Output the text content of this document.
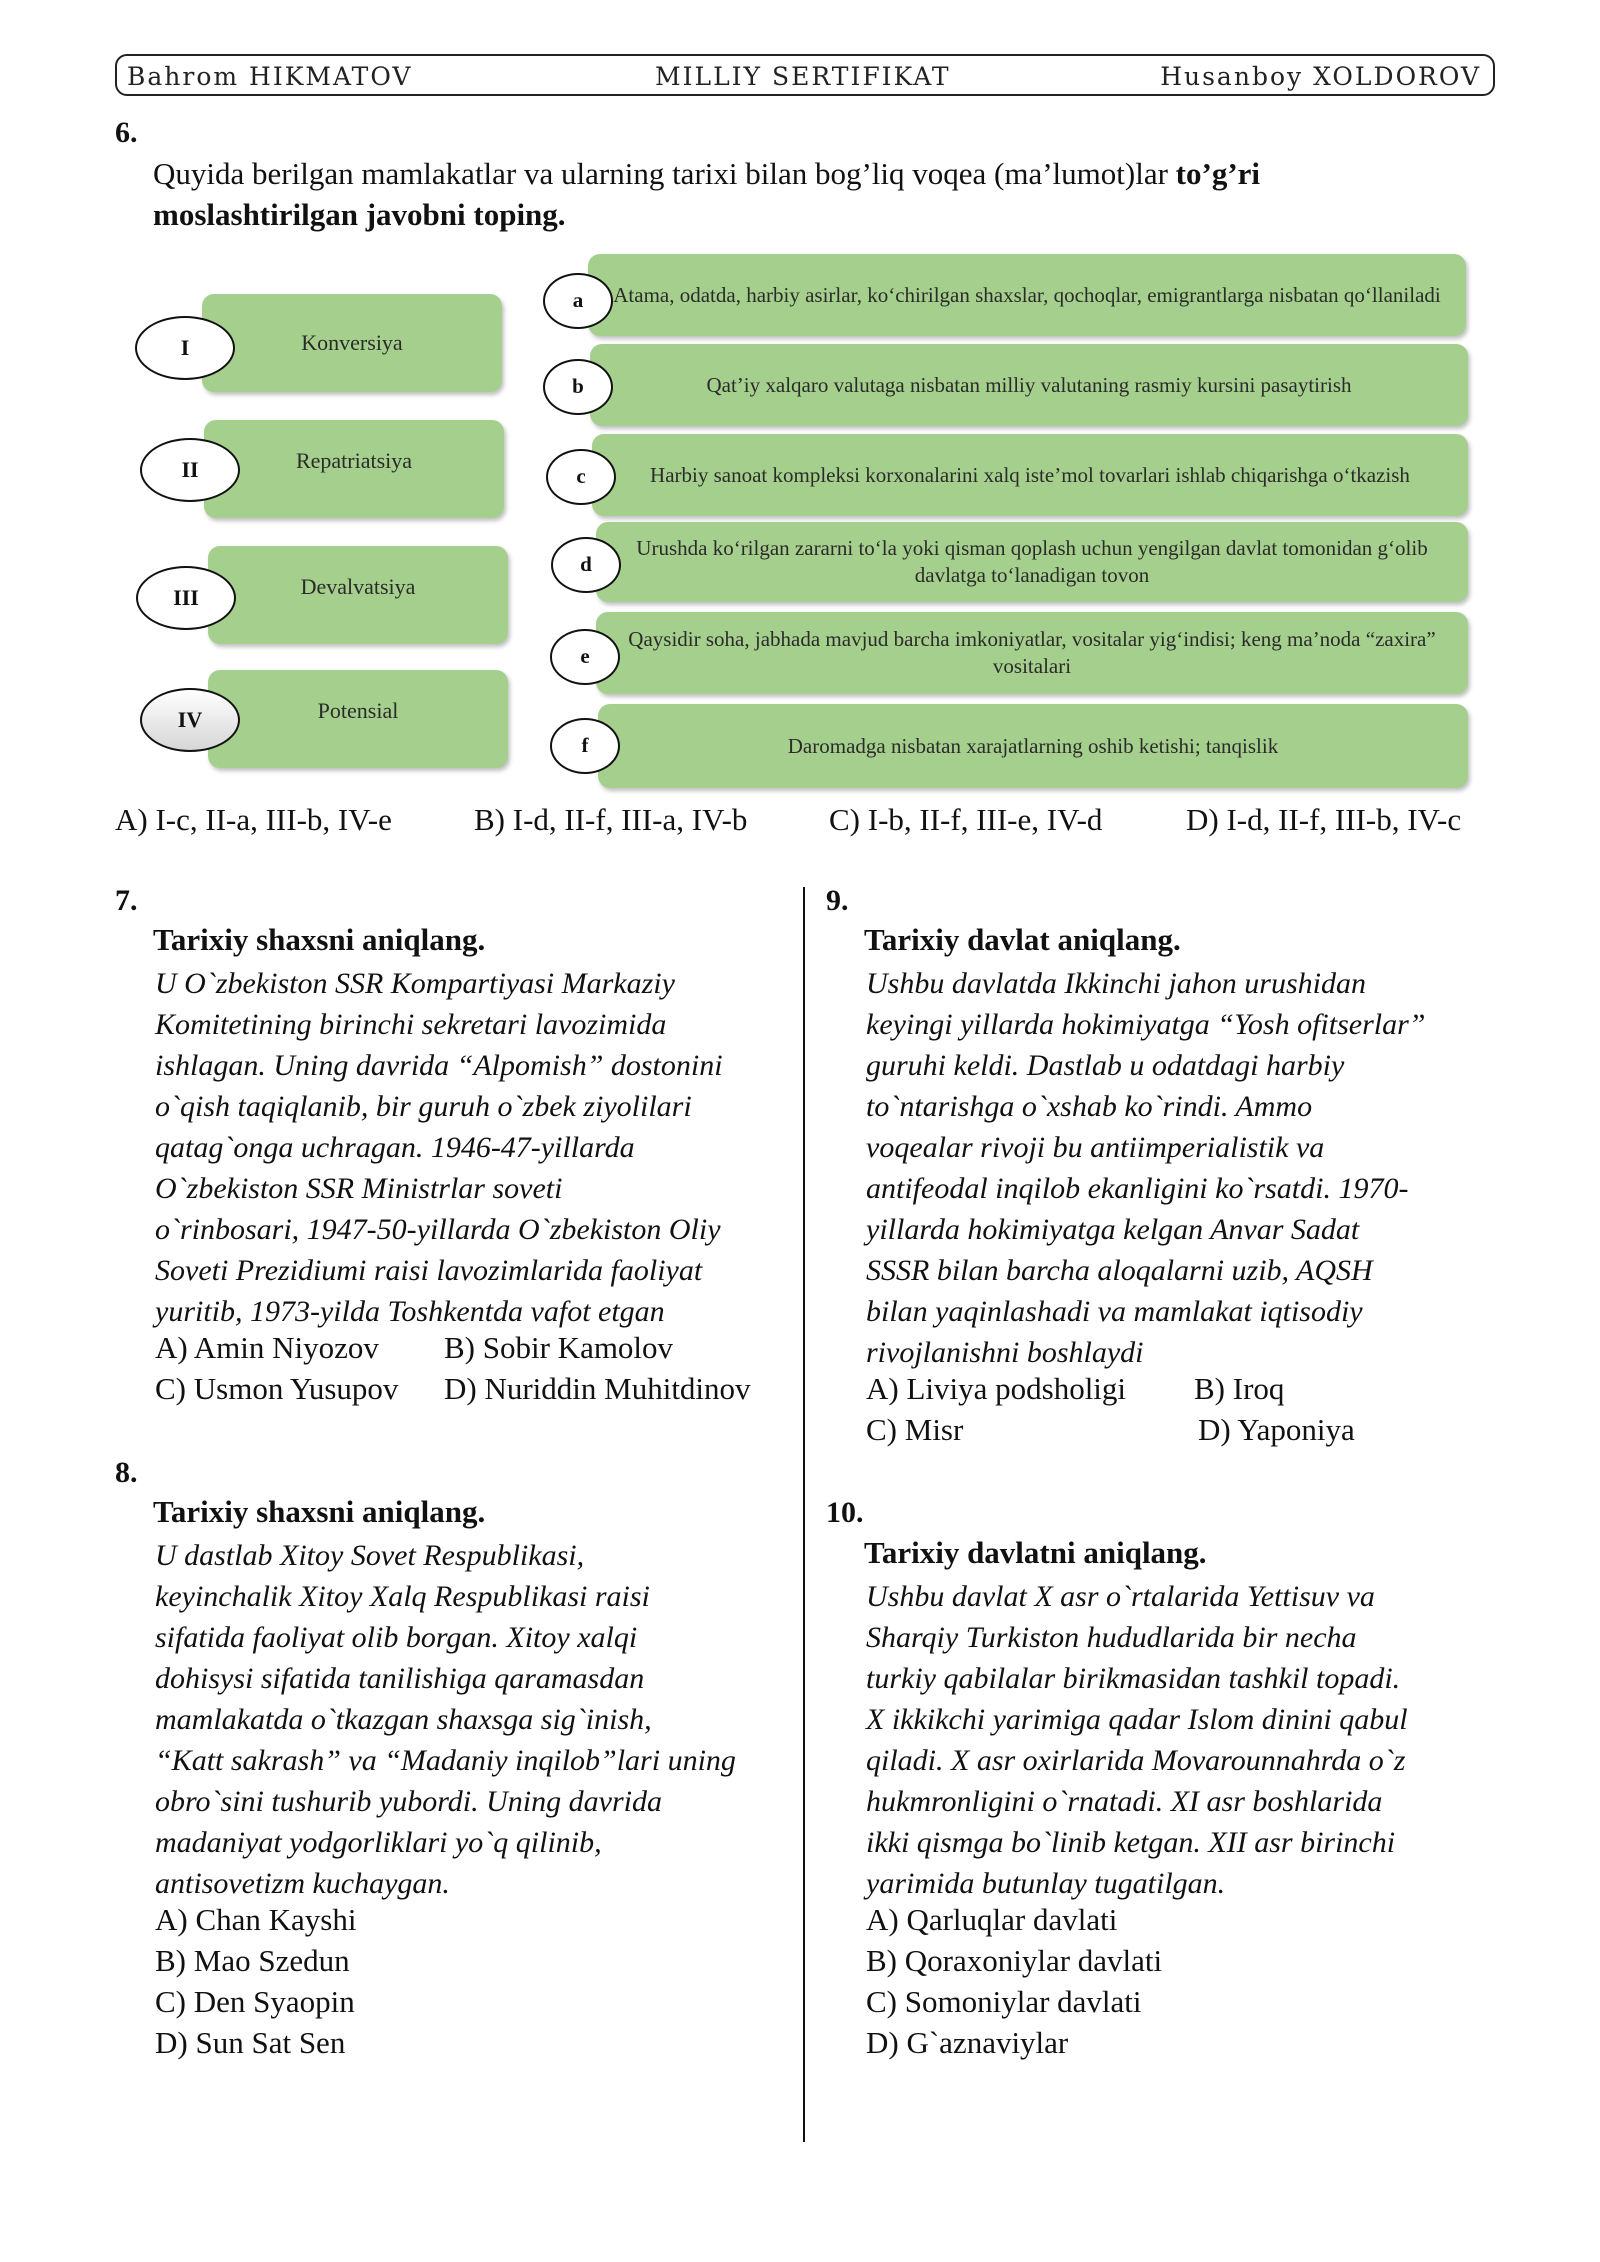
Bahrom HIKMATOV	MILLIY SERTIFIKAT	Husanboy XOLDOROV
6.
Quyida berilgan mamlakatlar va ularning tarixi bilan bog’liq voqea (ma’lumot)lar to’g’ri
moslashtirilgan javobni toping.
Konversiya
I
Repatriatsiya
II
Devalvatsiya
III
Potensial
IV
Atama, odatda, harbiy asirlar, ko‘chirilgan shaxslar, qochoqlar, emigrantlarga nisbatan qo‘llaniladi
a
Qat’iy xalqaro valutaga nisbatan milliy valutaning rasmiy kursini pasaytirish
b
Harbiy sanoat kompleksi korxonalarini xalq iste’mol tovarlari ishlab chiqarishga o‘tkazish
c
Urushda ko‘rilgan zararni to‘la yoki qisman qoplash uchun yengilgan davlat tomonidan g‘olib davlatga to‘lanadigan tovon
d
Qaysidir soha, jabhada mavjud barcha imkoniyatlar, vositalar yig‘indisi; keng ma’noda “zaxira” vositalari
e
Daromadga nisbatan xarajatlarning oshib ketishi; tanqislik
f
A) I-c, II-a, III-b, IV-e	B) I-d, II-f, III-a, IV-b	C) I-b, II-f, III-e, IV-d	D) I-d, II-f, III-b, IV-c
7.
Tarixiy shaxsni aniqlang.
U O`zbekiston SSR Kompartiyasi Markaziy
Komitetining birinchi sekretari lavozimida
ishlagan. Uning davrida “Alpomish” dostonini
o`qish taqiqlanib, bir guruh o`zbek ziyolilari
qatag`onga uchragan. 1946-47-yillarda
O`zbekiston SSR Ministrlar soveti
o`rinbosari, 1947-50-yillarda O`zbekiston Oliy
Soveti Prezidiumi raisi lavozimlarida faoliyat
yuritib, 1973-yilda Toshkentda vafot etgan
A) Amin Niyozov B) Sobir Kamolov
C) Usmon Yusupov D) Nuriddin Muhitdinov
8.
Tarixiy shaxsni aniqlang.
U dastlab Xitoy Sovet Respublikasi,
keyinchalik Xitoy Xalq Respublikasi raisi
sifatida faoliyat olib borgan. Xitoy xalqi
dohisysi sifatida tanilishiga qaramasdan
mamlakatda o`tkazgan shaxsga sig`inish,
“Katt sakrash” va “Madaniy inqilob”lari uning
obro`sini tushurib yubordi. Uning davrida
madaniyat yodgorliklari yo`q qilinib,
antisovetizm kuchaygan.
A) Chan Kayshi
B) Mao Szedun
C) Den Syaopin
D) Sun Sat Sen
9.
Tarixiy davlat aniqlang.
Ushbu davlatda Ikkinchi jahon urushidan
keyingi yillarda hokimiyatga “Yosh ofitserlar”
guruhi keldi. Dastlab u odatdagi harbiy
to`ntarishga o`xshab ko`rindi. Ammo
voqealar rivoji bu antiimperialistik va
antifeodal inqilob ekanligini ko`rsatdi. 1970-
yillarda hokimiyatga kelgan Anvar Sadat
SSSR bilan barcha aloqalarni uzib, AQSH
bilan yaqinlashadi va mamlakat iqtisodiy
rivojlanishni boshlaydi
A) Liviya podsholigi B) Iroq
C) Misr	D) Yaponiya
10.
Tarixiy davlatni aniqlang.
Ushbu davlat X asr o`rtalarida Yettisuv va
Sharqiy Turkiston hududlarida bir necha
turkiy qabilalar birikmasidan tashkil topadi.
X ikkikchi yarimiga qadar Islom dinini qabul
qiladi. X asr oxirlarida Movarounnahrda o`z
hukmronligini o`rnatadi. XI asr boshlarida
ikki qismga bo`linib ketgan. XII asr birinchi
yarimida butunlay tugatilgan.
A) Qarluqlar davlati
B) Qoraxoniylar davlati
C) Somoniylar davlati
D) G`aznaviylar
